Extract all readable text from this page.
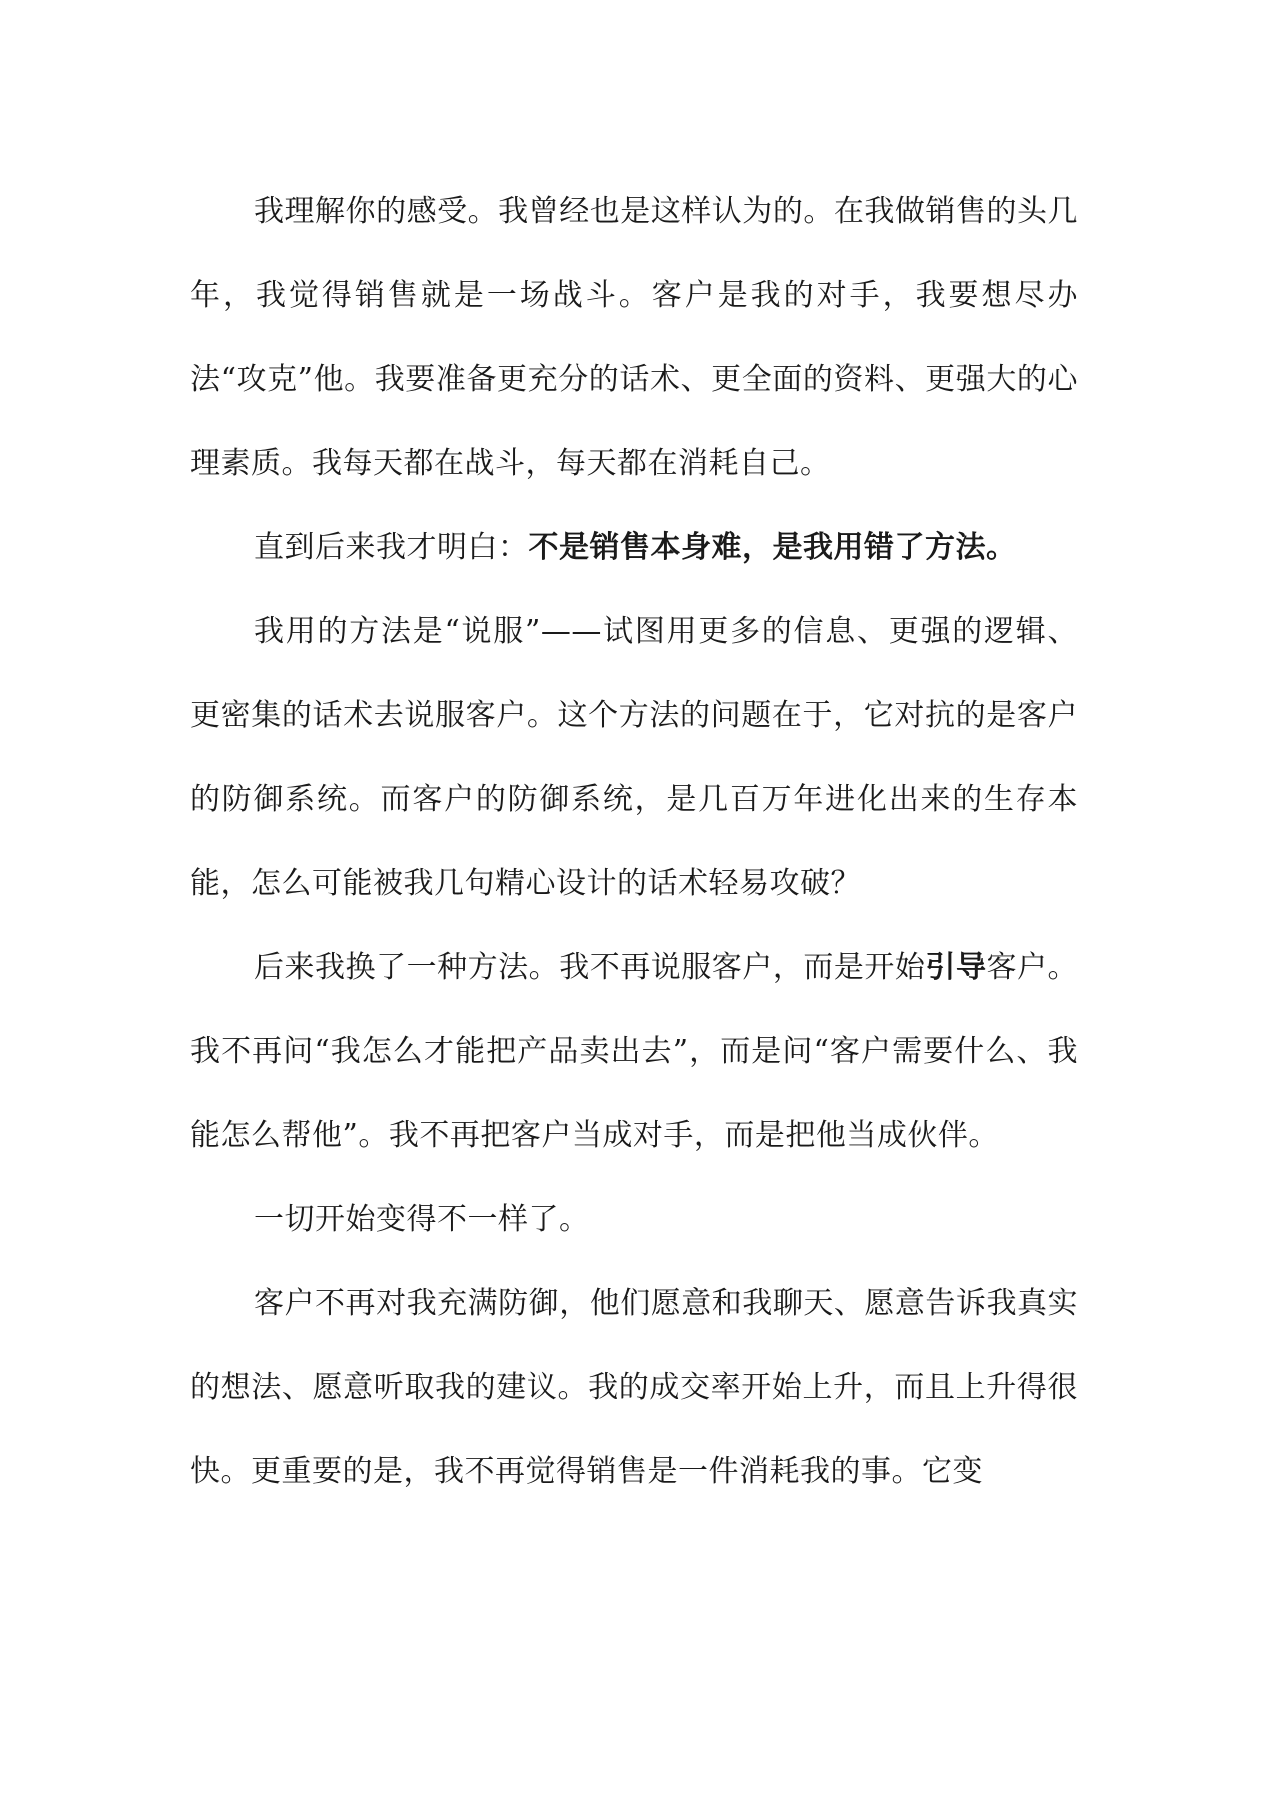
我理解你的感受。我曾经也是这样认为的。在我做销售的头几年，我觉得销售就是一场战斗。客户是我的对手，我要想尽办法“攻克”他。我要准备更充分的话术、更全面的资料、更强大的心理素质。我每天都在战斗，每天都在消耗自己。

直到后来我才明白：不是销售本身难，是我用错了方法。

我用的方法是“说服”——试图用更多的信息、更强的逻辑、更密集的话术去说服客户。这个方法的问题在于，它对抗的是客户的防御系统。而客户的防御系统，是几百万年进化出来的生存本能，怎么可能被我几句精心设计的话术轻易攻破？

后来我换了一种方法。我不再说服客户，而是开始引导客户。我不再问“我怎么才能把产品卖出去”，而是问“客户需要什么、我能怎么帮他”。我不再把客户当成对手，而是把他当成伙伴。

一切开始变得不一样了。

客户不再对我充满防御，他们愿意和我聊天、愿意告诉我真实的想法、愿意听取我的建议。我的成交率开始上升，而且上升得很快。更重要的是，我不再觉得销售是一件消耗我的事。它变
